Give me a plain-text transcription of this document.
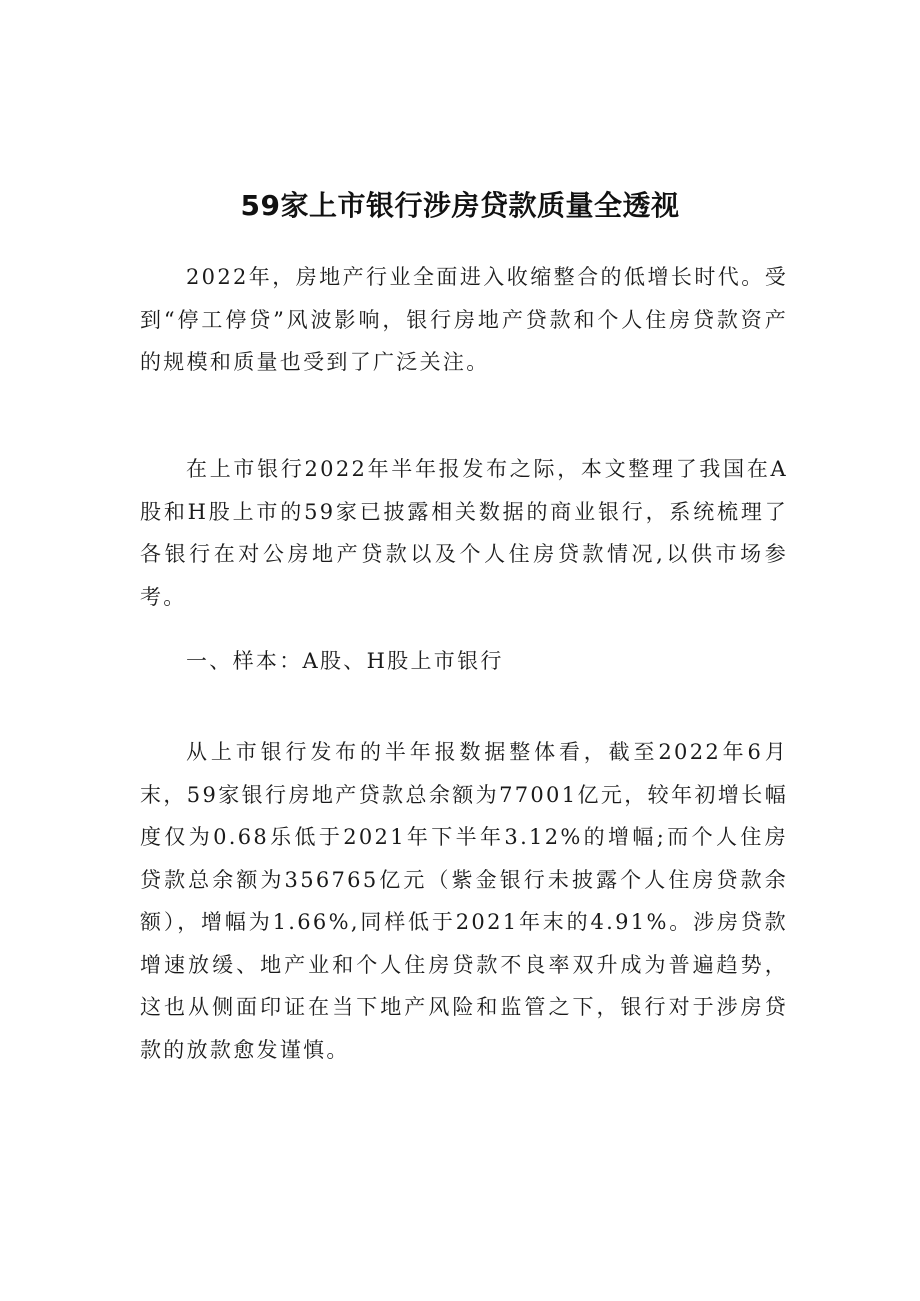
59家上市银行涉房贷款质量全透视

2022年，房地产行业全面进入收缩整合的低增长时代。受到“停工停贷”风波影响，银行房地产贷款和个人住房贷款资产的规模和质量也受到了广泛关注。

在上市银行2022年半年报发布之际，本文整理了我国在A股和H股上市的59家已披露相关数据的商业银行，系统梳理了各银行在对公房地产贷款以及个人住房贷款情况,以供市场参考。

一、样本：A股、H股上市银行

从上市银行发布的半年报数据整体看，截至2022年6月末，59家银行房地产贷款总余额为77001亿元，较年初增长幅度仅为0.68乐低于2021年下半年3.12%的增幅;而个人住房贷款总余额为356765亿元（紫金银行未披露个人住房贷款余额），增幅为1.66%,同样低于2021年末的4.91%。涉房贷款增速放缓、地产业和个人住房贷款不良率双升成为普遍趋势，这也从侧面印证在当下地产风险和监管之下，银行对于涉房贷款的放款愈发谨慎。
